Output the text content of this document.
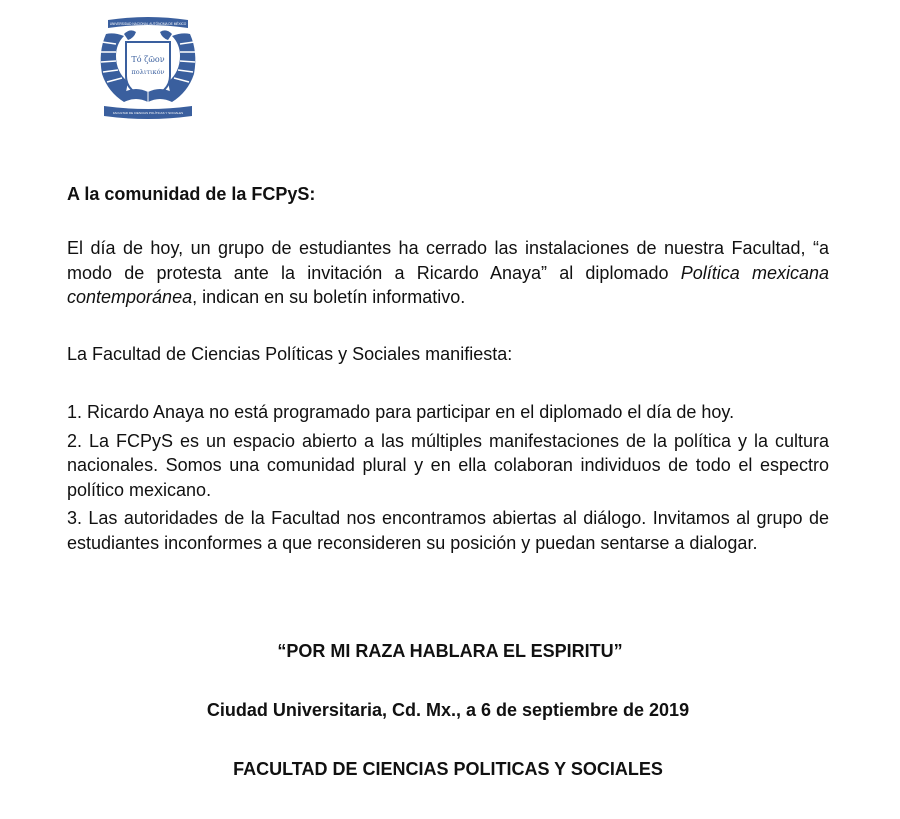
UNIVERSIDAD NACIONAL AUTÓNOMA DE MÉXICO
Τό ζῶον
πολιτικόν
FACULTAD DE CIENCIAS POLÍTICAS Y SOCIALES

A la comunidad de la FCPyS:

El día de hoy, un grupo de estudiantes ha cerrado las instalaciones de nuestra Facultad, “a modo de protesta ante la invitación a Ricardo Anaya” al diplomado Política mexicana contemporánea, indican en su boletín informativo.

La Facultad de Ciencias Políticas y Sociales manifiesta:

1. Ricardo Anaya no está programado para participar en el diplomado el día de hoy.
2. La FCPyS es un espacio abierto a las múltiples manifestaciones de la política y la cultura nacionales. Somos una comunidad plural y en ella colaboran individuos de todo el espectro político mexicano.
3. Las autoridades de la Facultad nos encontramos abiertas al diálogo. Invitamos al grupo de estudiantes inconformes a que reconsideren su posición y puedan sentarse a dialogar.

“POR MI RAZA HABLARA EL ESPIRITU”

Ciudad Universitaria, Cd. Mx., a 6 de septiembre de 2019

FACULTAD DE CIENCIAS POLITICAS Y SOCIALES
